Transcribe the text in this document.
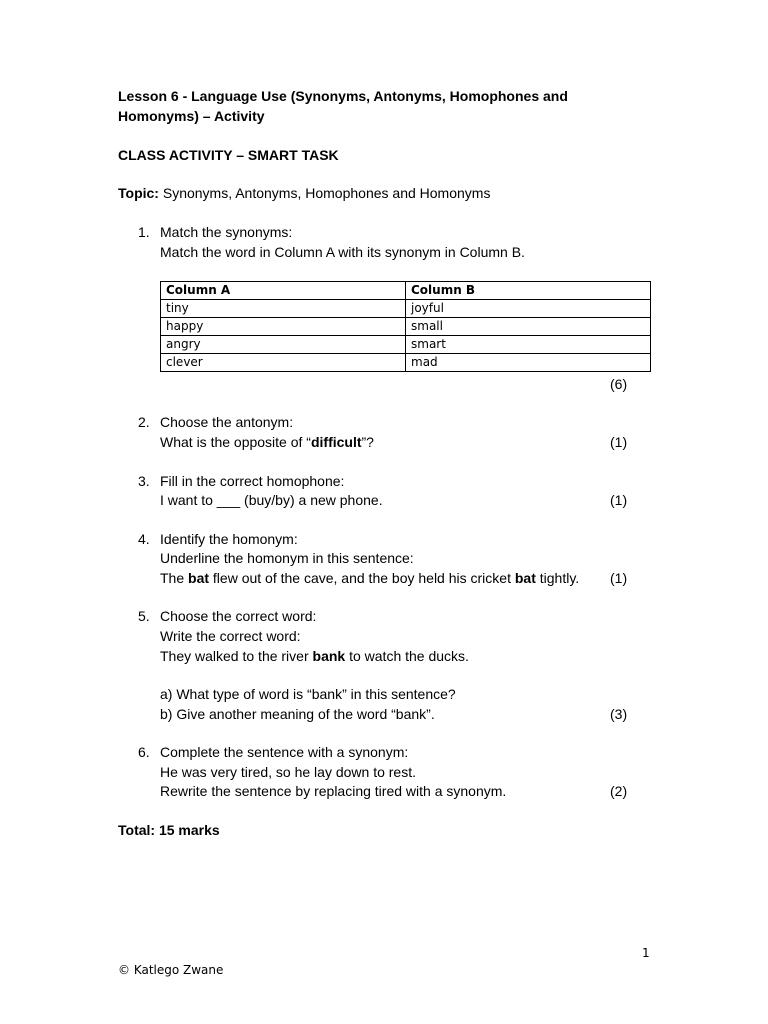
Lesson 6 - Language Use (Synonyms, Antonyms, Homophones and
Homonyms) – Activity
CLASS ACTIVITY – SMART TASK
Topic: Synonyms, Antonyms, Homophones and Homonyms
1. Match the synonyms:
Match the word in Column A with its synonym in Column B.
Column A	Column B
tiny	joyful
happy	small
angry	smart
clever	mad
(6)
2. Choose the antonym:
What is the opposite of “difficult”?	(1)
3. Fill in the correct homophone:
I want to ___ (buy/by) a new phone.	(1)
4. Identify the homonym:
Underline the homonym in this sentence:
The bat flew out of the cave, and the boy held his cricket bat tightly. (1)
5. Choose the correct word:
Write the correct word:
They walked to the river bank to watch the ducks.
a) What type of word is “bank” in this sentence?
b) Give another meaning of the word “bank”.	(3)
6. Complete the sentence with a synonym:
He was very tired, so he lay down to rest.
Rewrite the sentence by replacing tired with a synonym.	(2)
Total: 15 marks
1
© Katlego Zwane
